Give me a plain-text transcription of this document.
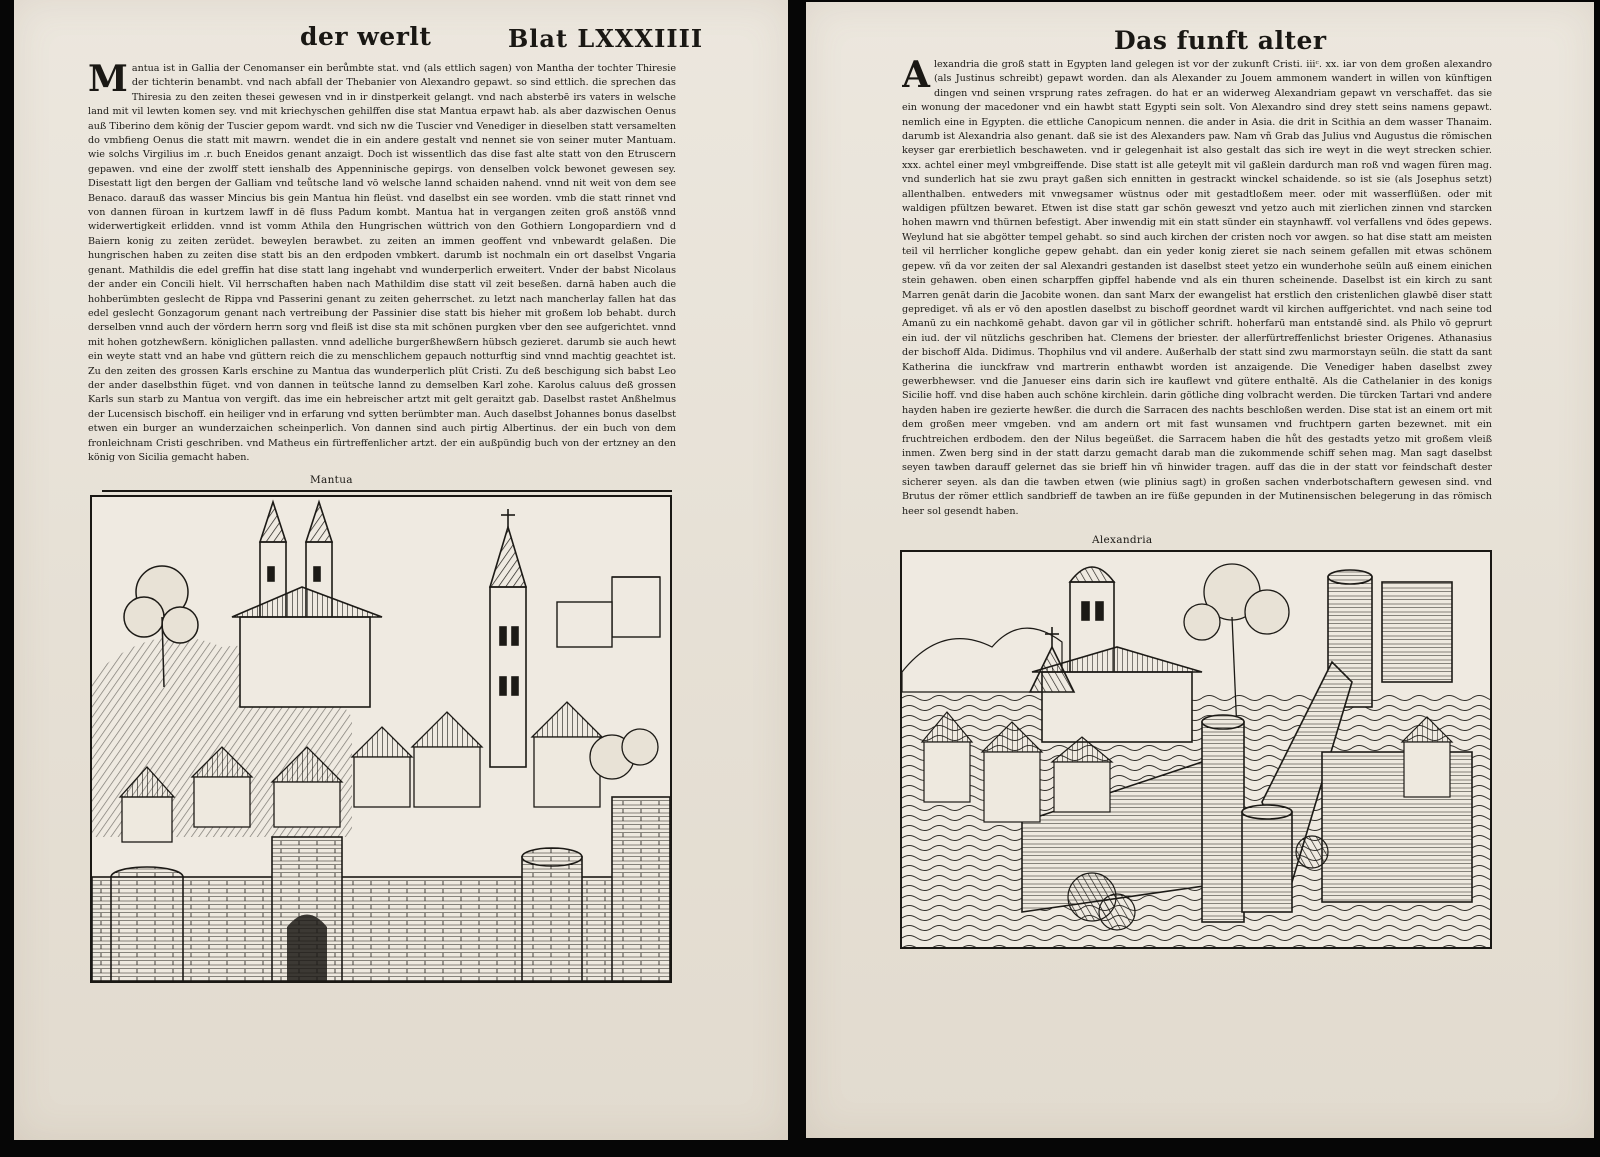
der werlt	Blat LXXXIIII
Mantua ist in Gallia der Cenomanser ein berůmbte stat. vnd (als ettlich sagen) von Mantha der tochter Thiresie der tichterin benambt. vnd nach abfall der Thebanier von Alexandro gepawt. so sind ettlich. die sprechen das Thiresia zu den zeiten thesei gewesen vnd in ir dinstperkeit gelangt. vnd nach absterbē irs vaters in welsche land mit vil lewten komen sey. vnd mit kriechyschen gehilffen dise stat Mantua erpawt hab. als aber dazwischen Oenus auß Tiberino dem könig der Tuscier gepom wardt. vnd sich nw die Tuscier vnd Venediger in dieselben statt versamelten do vmbfieng Oenus die statt mit mawrn. wendet die in ein andere gestalt vnd nennet sie von seiner muter Mantuam. wie solchs Virgilius im .r. buch Eneidos genant anzaigt. Doch ist wissentlich das dise fast alte statt von den Etruscern gepawen. vnd eine der zwolff stett ienshalb des Appenninische gepirgs. von denselben volck bewonet gewesen sey. Disestatt ligt den bergen der Galliam vnd teůtsche land vō welsche lannd schaiden nahend. vnnd nit weit von dem see Benaco. darauß das wasser Mincius bis gein Mantua hin fleüst. vnd daselbst ein see worden. vmb die statt rinnet vnd von dannen füroan in kurtzem lawff in dē fluss Padum kombt. Mantua hat in vergangen zeiten groß anstöß vnnd widerwertigkeit erlidden. vnnd ist vomm Athila den Hungrischen wüttrich von den Gothiern Longopardiern vnd d Baiern konig zu zeiten zerüdet. beweylen berawbet. zu zeiten an immen geoffent vnd vnbewardt gelaßen. Die hungrischen haben zu zeiten dise statt bis an den erdpoden vmbkert. darumb ist nochmaln ein ort daselbst Vngaria genant. Mathildis die edel greffin hat dise statt lang ingehabt vnd wunderperlich erweitert. Vnder der babst Nicolaus der ander ein Concili hielt. Vil herrschaften haben nach Mathildim dise statt vil zeit beseßen. darnā haben auch die hohberümbten geslecht de Rippa vnd Passerini genant zu zeiten geherrschet. zu letzt nach mancherlay fallen hat das edel geslecht Gonzagorum genant nach vertreibung der Passinier dise statt bis hieher mit großem lob behabt. durch derselben vnnd auch der vördern herrn sorg vnd fleiß ist dise sta mit schönen purgken vber den see aufgerichtet. vnnd mit hohen gotzhewßern. königlichen pallasten. vnnd adelliche burgerßhewßern hübsch gezieret. darumb sie auch hewt ein weyte statt vnd an habe vnd güttern reich die zu menschlichem gepauch notturftig sind vnnd machtig geachtet ist. Zu den zeiten des grossen Karls erschine zu Mantua das wunderperlich plüt Cristi. Zu deß beschigung sich babst Leo der ander daselbsthin füget. vnd von dannen in teütsche lannd zu demselben Karl zohe. Karolus caluus deß grossen Karls sun starb zu Mantua von vergift. das ime ein hebreischer artzt mit gelt geraitzt gab. Daselbst rastet Anßhelmus der Lucensisch bischoff. ein heiliger vnd in erfarung vnd sytten berümbter man. Auch daselbst Johannes bonus daselbst etwen ein burger an wunderzaichen scheinperlich. Von dannen sind auch pirtig Albertinus. der ein buch von dem fronleichnam Cristi geschriben. vnd Matheus ein fürtreffenlicher artzt. der ein außpündig buch von der ertzney an den könig von Sicilia gemacht haben.
Mantua
Das funft alter
Alexandria die groß statt in Egypten land gelegen ist vor der zukunft Cristi. iiiᶜ. xx. iar von dem großen alexandro (als Justinus schreibt) gepawt worden. dan als Alexander zu Jouem ammonem wandert in willen von künftigen dingen vnd seinen vrsprung rates zefragen. do hat er an widerweg Alexandriam gepawt vn verschaffet. das sie ein wonung der macedoner vnd ein hawbt statt Egypti sein solt. Von Alexandro sind drey stett seins namens gepawt. nemlich eine in Egypten. die ettliche Canopicum nennen. die ander in Asia. die drit in Scithia an dem wasser Thanaim. darumb ist Alexandria also genant. daß sie ist des Alexanders paw. Nam vñ Grab das Julius vnd Augustus die römischen keyser gar ererbietlich beschaweten. vnd ir gelegenhait ist also gestalt das sich ire weyt in die weyt strecken schier. xxx. achtel einer meyl vmbgreiffende. Dise statt ist alle geteylt mit vil gaßlein dardurch man roß vnd wagen füren mag. vnd sunderlich hat sie zwu prayt gaßen sich ennitten in gestrackt winckel schaidende. so ist sie (als Josephus setzt) allenthalben. entweders mit vnwegsamer wüstnus oder mit gestadtloßem meer. oder mit wasserflüßen. oder mit waldigen pfültzen bewaret. Etwen ist dise statt gar schön geweszt vnd yetzo auch mit zierlichen zinnen vnd starcken hohen mawrn vnd thürnen befestigt. Aber inwendig mit ein statt sünder ein staynhawff. vol verfallens vnd ödes gepews. Weylund hat sie abgötter tempel gehabt. so sind auch kirchen der cristen noch vor awgen. so hat dise statt am meisten teil vil herrlicher kongliche gepew gehabt. dan ein yeder konig zieret sie nach seinem gefallen mit etwas schönem gepew. vñ da vor zeiten der sal Alexandri gestanden ist daselbst steet yetzo ein wunderhohe seüln auß einem einichen stein gehawen. oben einen scharpffen gipffel habende vnd als ein thuren scheinende. Daselbst ist ein kirch zu sant Marren genāt darin die Jacobite wonen. dan sant Marx der ewangelist hat erstlich den cristenlichen glawbē diser statt geprediget. vñ als er vō den apostlen daselbst zu bischoff geordnet wardt vil kirchen auffgerichtet. vnd nach seine tod Amanū zu ein nachkomē gehabt. davon gar vil in götlicher schrift. hoherfarū man entstandē sind. als Philo vō geprurt ein iud. der vil nützlichs geschriben hat. Clemens der briester. der allerfürtreffenlichst briester Origenes. Athanasius der bischoff Alda. Didimus. Thophilus vnd vil andere. Außerhalb der statt sind zwu marmorstayn seüln. die statt da sant Katherina die iunckfraw vnd martrerin enthawbt worden ist anzaigende. Die Venediger haben daselbst zwey gewerbhewser. vnd die Janueser eins darin sich ire kauflewt vnd gütere enthaltē. Als die Cathelanier in des konigs Sicilie hoff. vnd dise haben auch schöne kirchlein. darin götliche ding volbracht werden. Die türcken Tartari vnd andere hayden haben ire gezierte hewßer. die durch die Sarracen des nachts beschloßen werden. Dise stat ist an einem ort mit dem großen meer vmgeben. vnd am andern ort mit fast wunsamen vnd fruchtpern garten bezewnet. mit ein fruchtreichen erdbodem. den der Nilus begeüßet. die Sarracem haben die hůt des gestadts yetzo mit großem vleiß inmen. Zwen berg sind in der statt darzu gemacht darab man die zukommende schiff sehen mag. Man sagt daselbst seyen tawben darauff gelernet das sie brieff hin vñ hinwider tragen. auff das die in der statt vor feindschaft dester sicherer seyen. als dan die tawben etwen (wie plinius sagt) in großen sachen vnderbotschaftern gewesen sind. vnd Brutus der römer ettlich sandbrieff de tawben an ire füße gepunden in der Mutinensischen belegerung in das römisch heer sol gesendt haben.
Alexandria
